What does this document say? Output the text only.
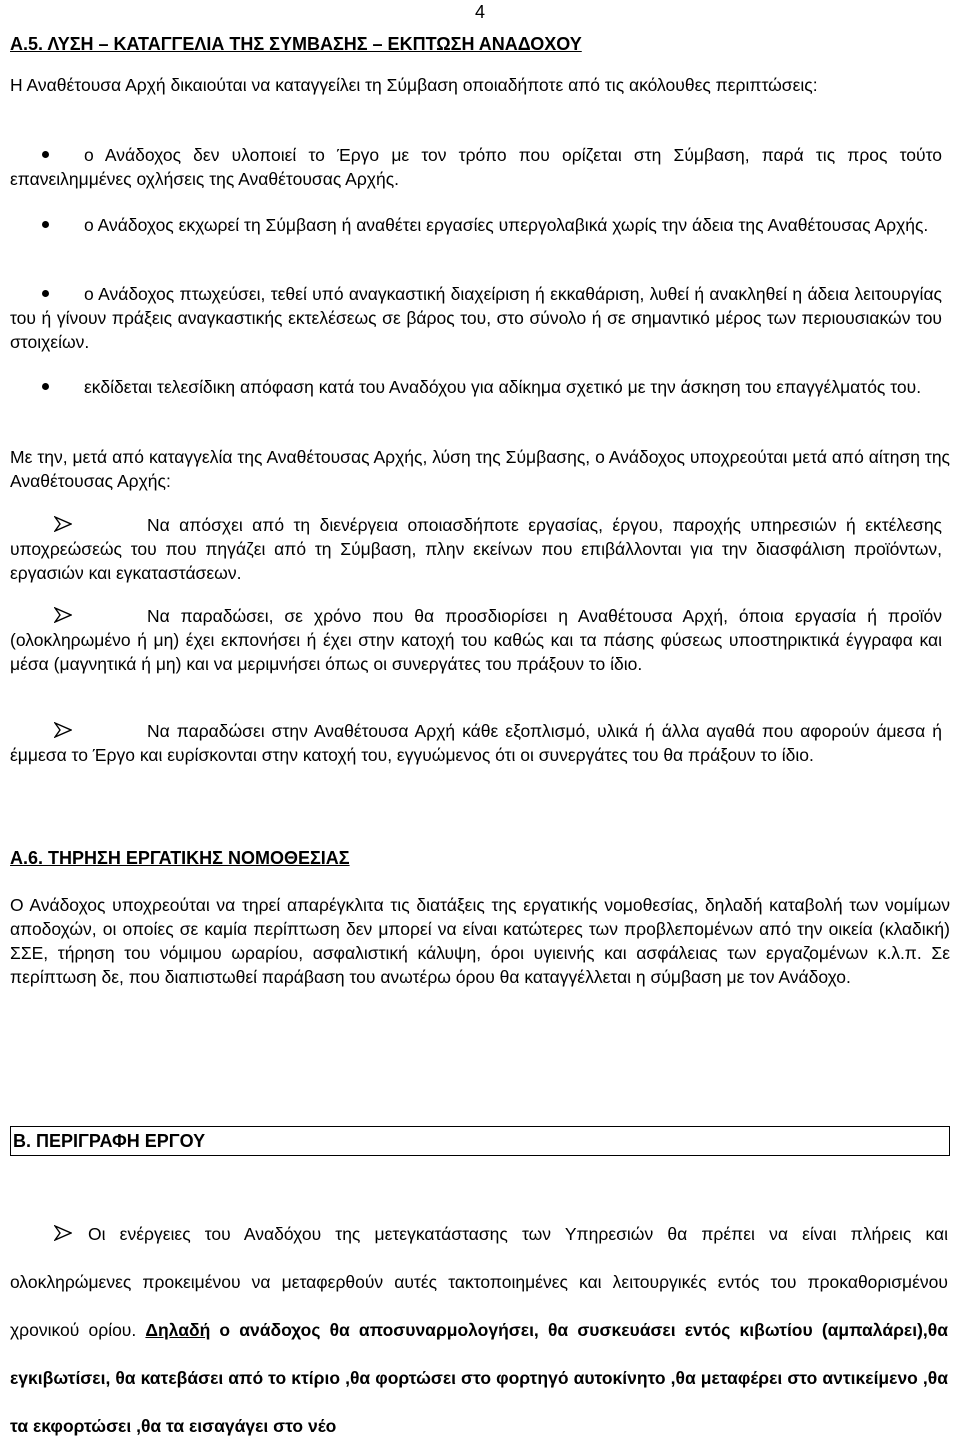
4
Α.5. ΛΥΣΗ – ΚΑΤΑΓΓΕΛΙΑ ΤΗΣ ΣΥΜΒΑΣΗΣ – ΕΚΠΤΩΣΗ ΑΝΑΔΟΧΟΥ
Η Αναθέτουσα Αρχή δικαιούται να καταγγείλει τη Σύμβαση οποιαδήποτε από τις ακόλουθες περιπτώσεις:
ο Ανάδοχος δεν υλοποιεί το Έργο με τον τρόπο που ορίζεται στη Σύμβαση, παρά τις προς τούτο επανειλημμένες οχλήσεις της Αναθέτουσας Αρχής.
ο Ανάδοχος εκχωρεί τη Σύμβαση ή αναθέτει εργασίες υπεργολαβικά χωρίς την άδεια της Αναθέτουσας Αρχής.
ο Ανάδοχος πτωχεύσει, τεθεί υπό αναγκαστική διαχείριση ή εκκαθάριση, λυθεί ή ανακληθεί η άδεια λειτουργίας του ή γίνουν πράξεις αναγκαστικής εκτελέσεως σε βάρος του, στο σύνολο ή σε σημαντικό μέρος των περιουσιακών του στοιχείων.
εκδίδεται τελεσίδικη απόφαση κατά του Αναδόχου για αδίκημα σχετικό με την άσκηση του επαγγέλματός του.
Με την, μετά από καταγγελία της Αναθέτουσας Αρχής, λύση της Σύμβασης, ο Ανάδοχος υποχρεούται μετά από αίτηση της Αναθέτουσας Αρχής:
Να απόσχει από τη διενέργεια οποιασδήποτε εργασίας, έργου, παροχής υπηρεσιών ή εκτέλεσης υποχρεώσεώς του που πηγάζει από τη Σύμβαση, πλην εκείνων που επιβάλλονται για την διασφάλιση προϊόντων, εργασιών και εγκαταστάσεων.
Να παραδώσει, σε χρόνο που θα προσδιορίσει η Αναθέτουσα Αρχή, όποια εργασία ή προϊόν (ολοκληρωμένο ή μη) έχει εκπονήσει ή έχει στην κατοχή του καθώς και τα πάσης φύσεως υποστηρικτικά έγγραφα και μέσα (μαγνητικά ή μη) και να μεριμνήσει όπως οι συνεργάτες του πράξουν το ίδιο.
Να παραδώσει στην Αναθέτουσα Αρχή κάθε εξοπλισμό, υλικά ή άλλα αγαθά που αφορούν άμεσα ή έμμεσα το Έργο και ευρίσκονται στην κατοχή του, εγγυώμενος ότι οι συνεργάτες του θα πράξουν το ίδιο.
Α.6. ΤΗΡΗΣΗ ΕΡΓΑΤΙΚΗΣ ΝΟΜΟΘΕΣΙΑΣ
Ο Ανάδοχος υποχρεούται να τηρεί απαρέγκλιτα τις διατάξεις της εργατικής νομοθεσίας, δηλαδή καταβολή των νομίμων αποδοχών, οι οποίες σε καμία περίπτωση δεν μπορεί να είναι κατώτερες των προβλεπομένων από την οικεία (κλαδική) ΣΣΕ, τήρηση του νόμιμου ωραρίου, ασφαλιστική κάλυψη, όροι υγιεινής και ασφάλειας των εργαζομένων κ.λ.π. Σε περίπτωση δε, που διαπιστωθεί παράβαση του ανωτέρω όρου θα καταγγέλλεται η σύμβαση με τον Ανάδοχο.
Β. ΠΕΡΙΓΡΑΦΗ ΕΡΓΟΥ
Οι ενέργειες του Αναδόχου της μετεγκατάστασης των Υπηρεσιών θα πρέπει να είναι πλήρεις και ολοκληρώμενες προκειμένου να μεταφερθούν αυτές τακτοποιημένες και λειτουργικές εντός του προκαθορισμένου χρονικού ορίου. Δηλαδή ο ανάδοχος θα αποσυναρμολογήσει, θα συσκευάσει εντός κιβωτίου (αμπαλάρει),θα εγκιβωτίσει, θα κατεβάσει από το κτίριο ,θα φορτώσει στο φορτηγό αυτοκίνητο ,θα μεταφέρει στο αντικείμενο ,θα τα εκφορτώσει ,θα τα εισαγάγει στο νέο
